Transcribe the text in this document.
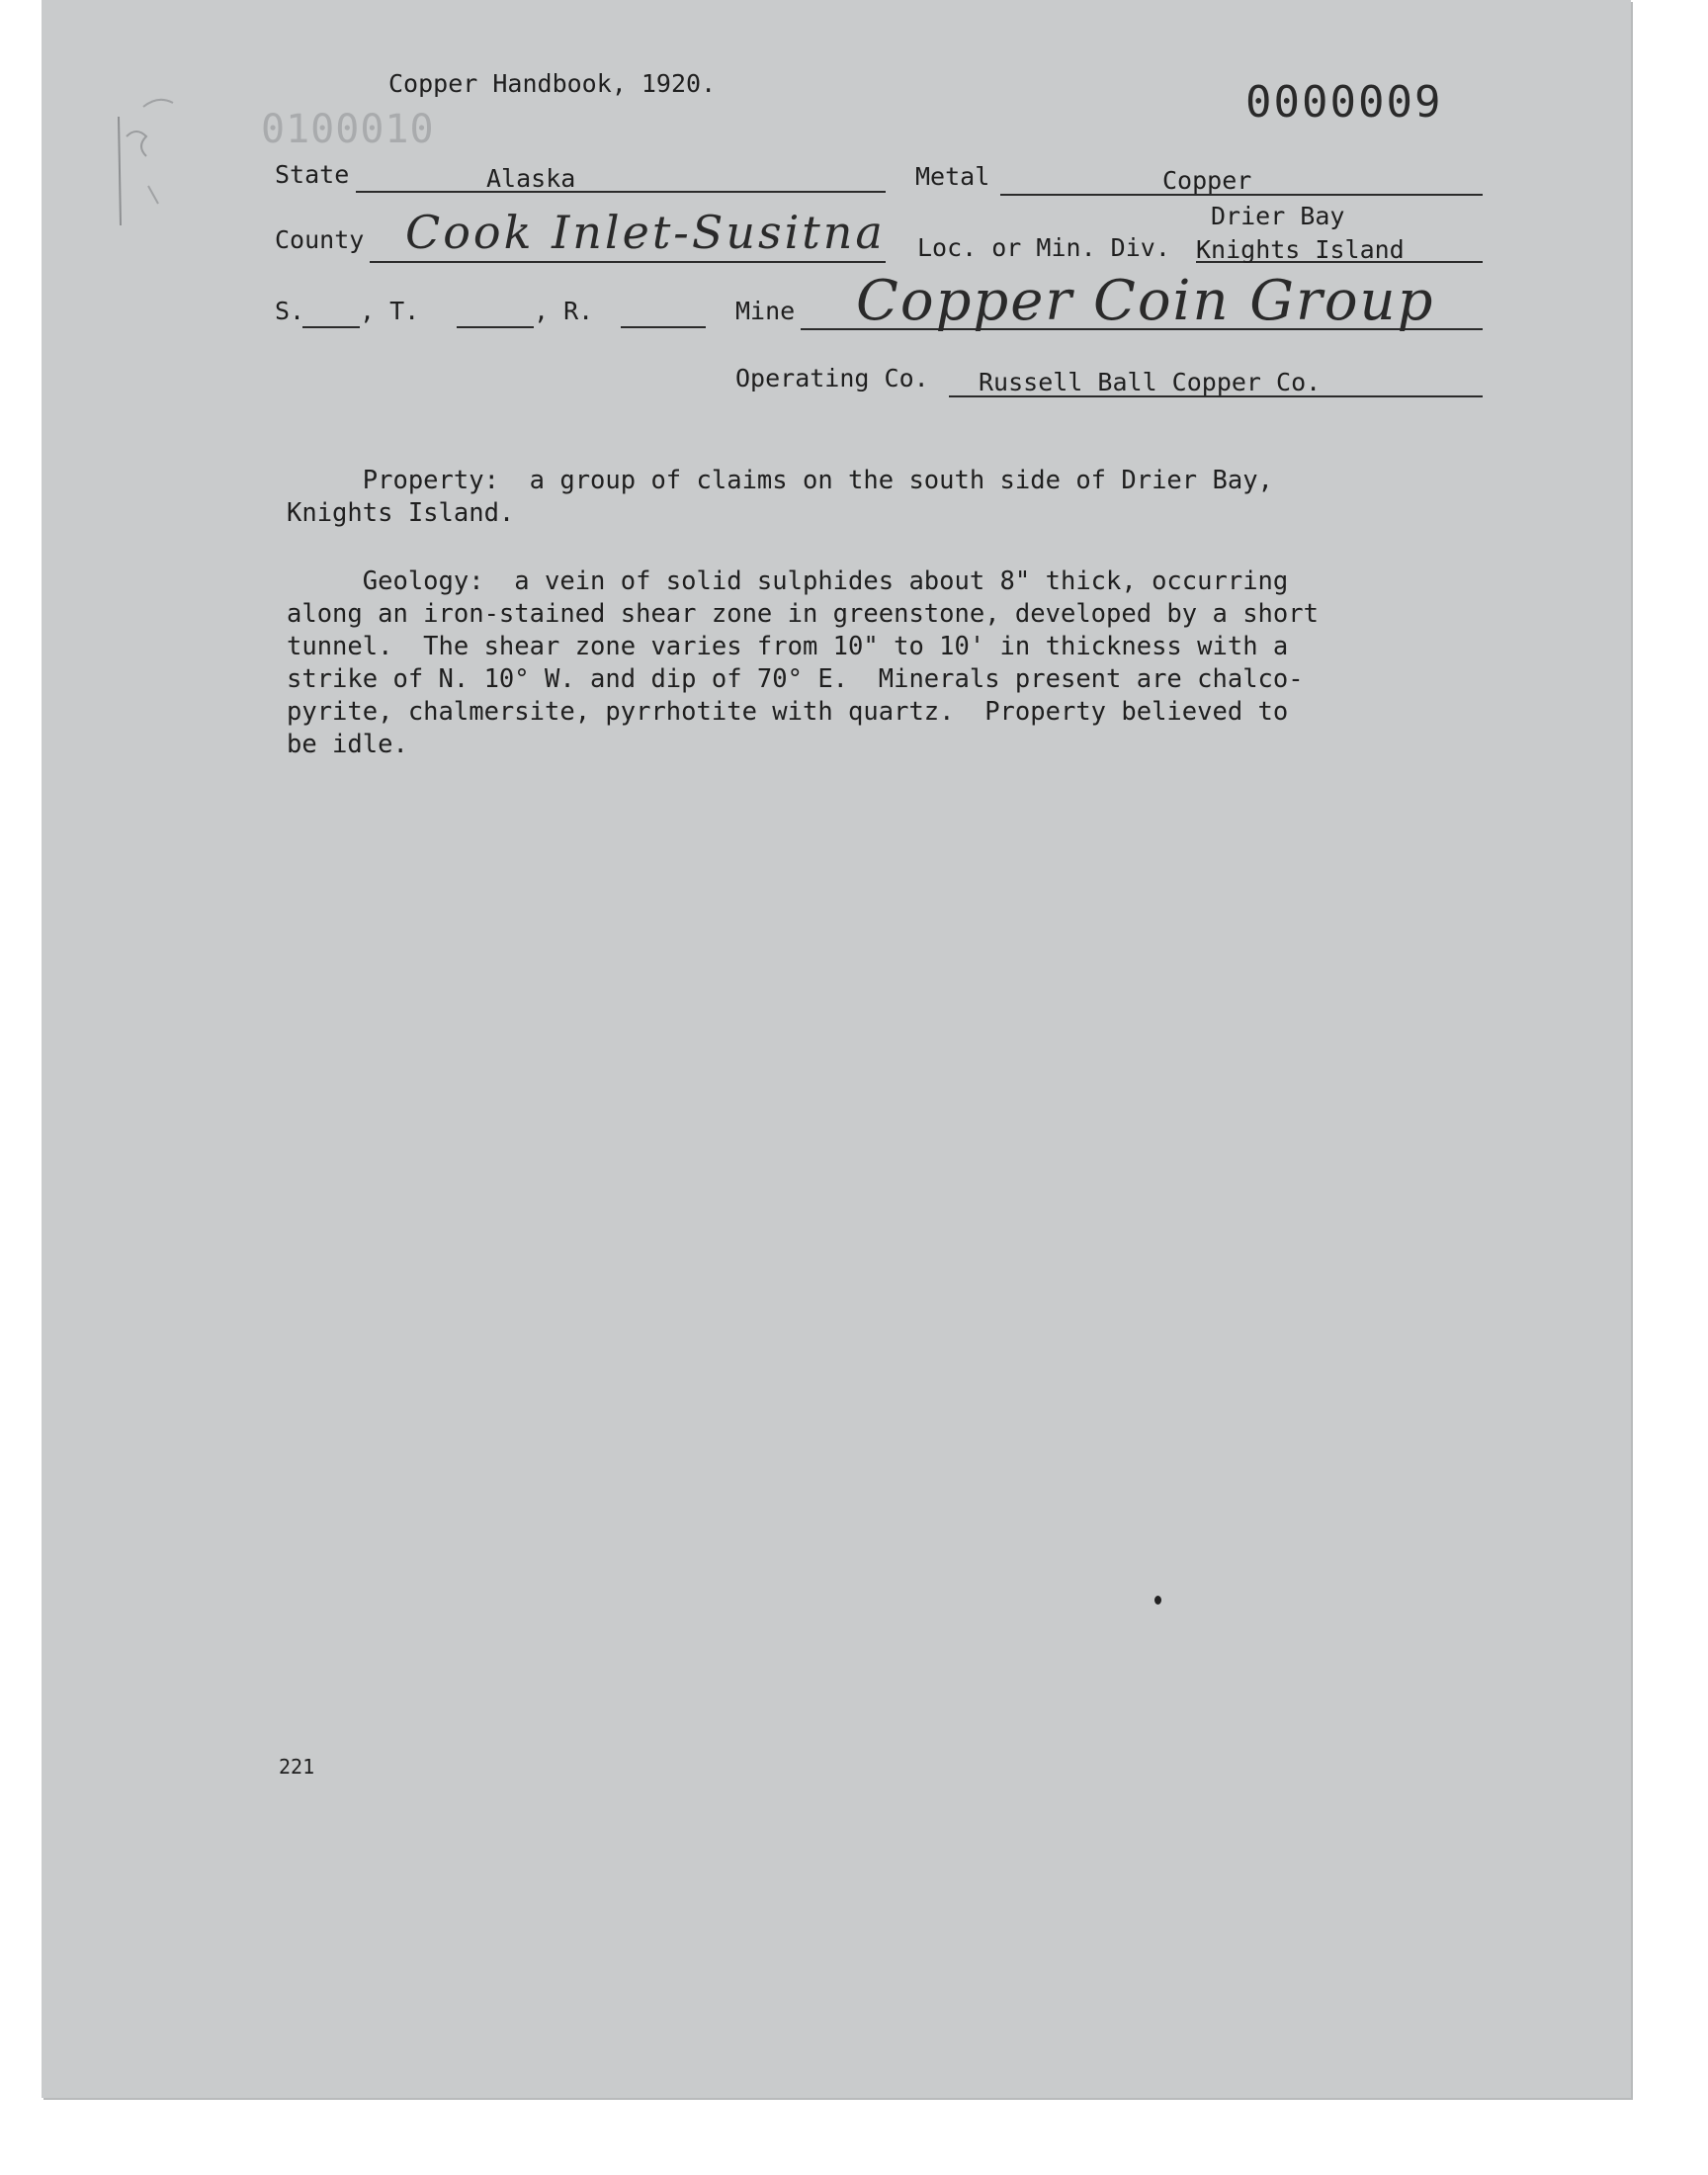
0100010
Copper Handbook, 1920.	0000009
State	Alaska	Metal	Copper
County Cook Inlet-Susitna Loc. or Min. Div.
Drier Bay
Knights Island
S. , T.	, R.	Mine Copper Coin Group
Operating Co. Russell Ball Copper Co.
Property:  a group of claims on the south side of Drier Bay,
Knights Island.
Geology:  a vein of solid sulphides about 8" thick, occurring
along an iron-stained shear zone in greenstone, developed by a short
tunnel.  The shear zone varies from 10" to 10' in thickness with a
strike of N. 10° W. and dip of 70° E.  Minerals present are chalco-
pyrite, chalmersite, pyrrhotite with quartz.  Property believed to
be idle.
221
